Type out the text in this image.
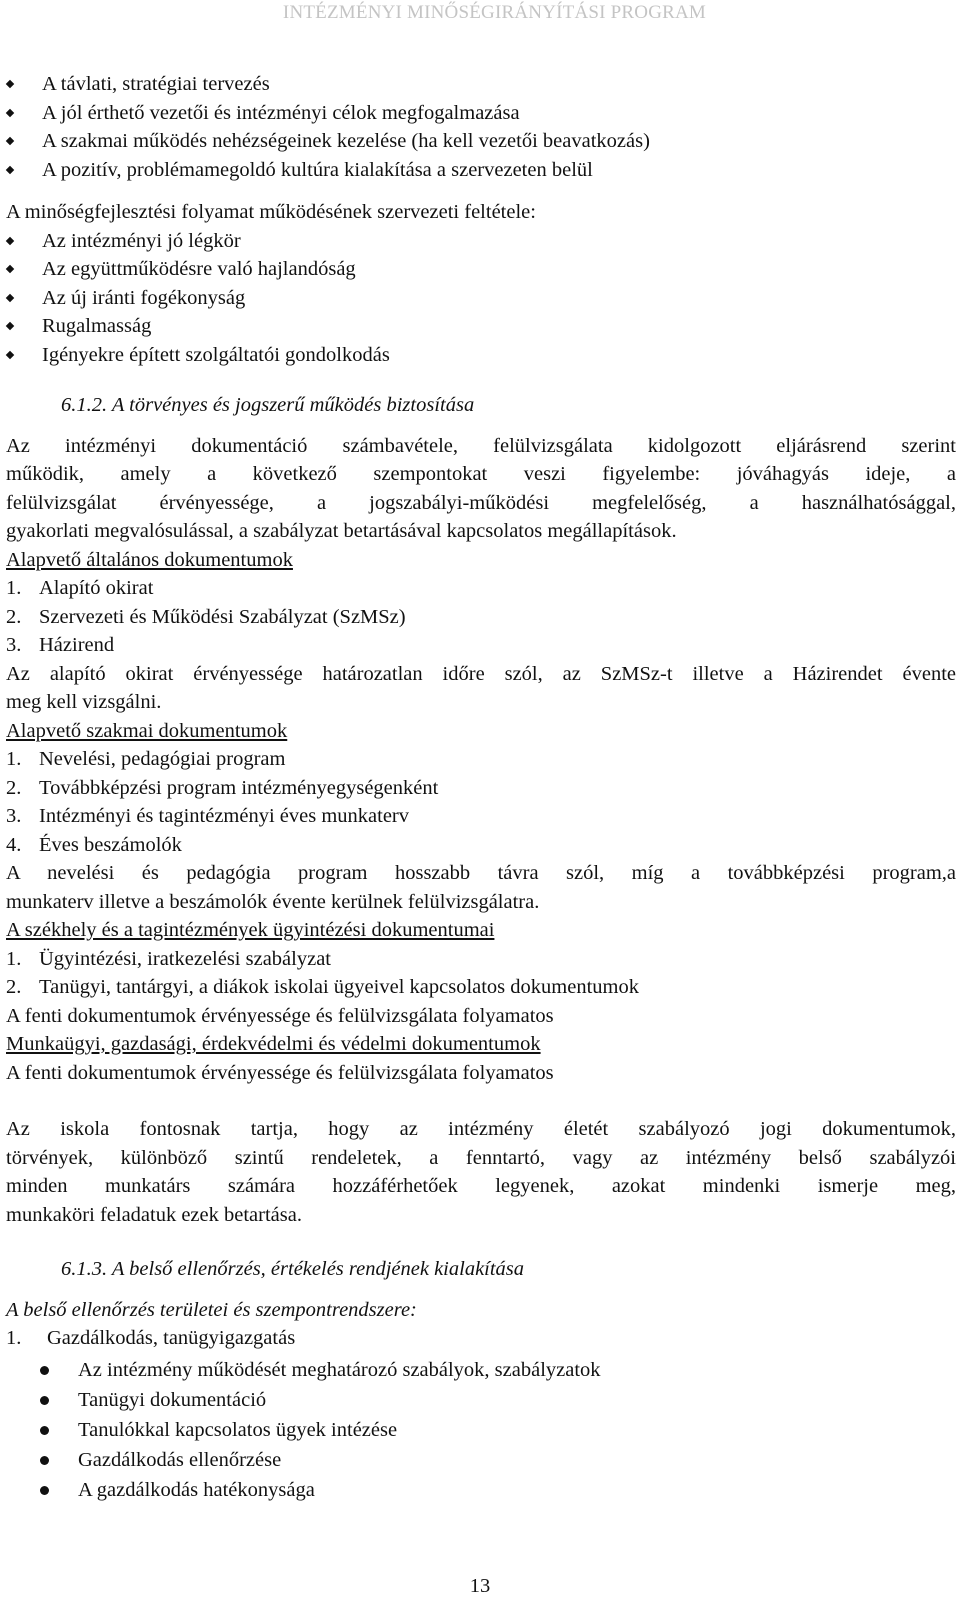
INTÉZMÉNYI MINŐSÉGIRÁNYÍTÁSI PROGRAM
A távlati, stratégiai tervezés
A jól érthető vezetői és intézményi célok megfogalmazása
A szakmai működés nehézségeinek kezelése (ha kell vezetői beavatkozás)
A pozitív, problémamegoldó kultúra kialakítása a szervezeten belül
A minőségfejlesztési folyamat működésének szervezeti feltétele:
Az intézményi jó légkör
Az együttműködésre való hajlandóság
Az új iránti fogékonyság
Rugalmasság
Igényekre épített szolgáltatói gondolkodás
6.1.2. A törvényes és jogszerű működés biztosítása
Az intézményi dokumentáció számbavétele, felülvizsgálata kidolgozott eljárásrend szerint
működik, amely a következő szempontokat veszi figyelembe: jóváhagyás ideje, a
felülvizsgálat érvényessége, a jogszabályi-működési megfelelőség, a használhatósággal,
gyakorlati megvalósulással, a szabályzat betartásával kapcsolatos megállapítások.
Alapvető általános dokumentumok
1. Alapító okirat
2. Szervezeti és Működési Szabályzat (SzMSz)
3. Házirend
Az alapító okirat érvényessége határozatlan időre szól, az SzMSz-t illetve a Házirendet évente
meg kell vizsgálni.
Alapvető szakmai dokumentumok
1. Nevelési, pedagógiai program
2. Továbbképzési program intézményegységenként
3. Intézményi és tagintézményi éves munkaterv
4. Éves beszámolók
A nevelési és pedagógia program hosszabb távra szól, míg a továbbképzési program,a
munkaterv illetve a beszámolók évente kerülnek felülvizsgálatra.
A székhely és a tagintézmények ügyintézési dokumentumai
1. Ügyintézési, iratkezelési szabályzat
2. Tanügyi, tantárgyi, a diákok iskolai ügyeivel kapcsolatos dokumentumok
A fenti dokumentumok érvényessége és felülvizsgálata folyamatos
Munkaügyi, gazdasági, érdekvédelmi és védelmi dokumentumok
A fenti dokumentumok érvényessége és felülvizsgálata folyamatos
Az iskola fontosnak tartja, hogy az intézmény életét szabályozó jogi dokumentumok,
törvények, különböző szintű rendeletek, a fenntartó, vagy az intézmény belső szabályzói
minden munkatárs számára hozzáférhetőek legyenek, azokat mindenki ismerje meg,
munkaköri feladatuk ezek betartása.
6.1.3. A belső ellenőrzés, értékelés rendjének kialakítása
A belső ellenőrzés területei és szempontrendszere:
1.	Gazdálkodás, tanügyigazgatás
Az intézmény működését meghatározó szabályok, szabályzatok
Tanügyi dokumentáció
Tanulókkal kapcsolatos ügyek intézése
Gazdálkodás ellenőrzése
A gazdálkodás hatékonysága
13
